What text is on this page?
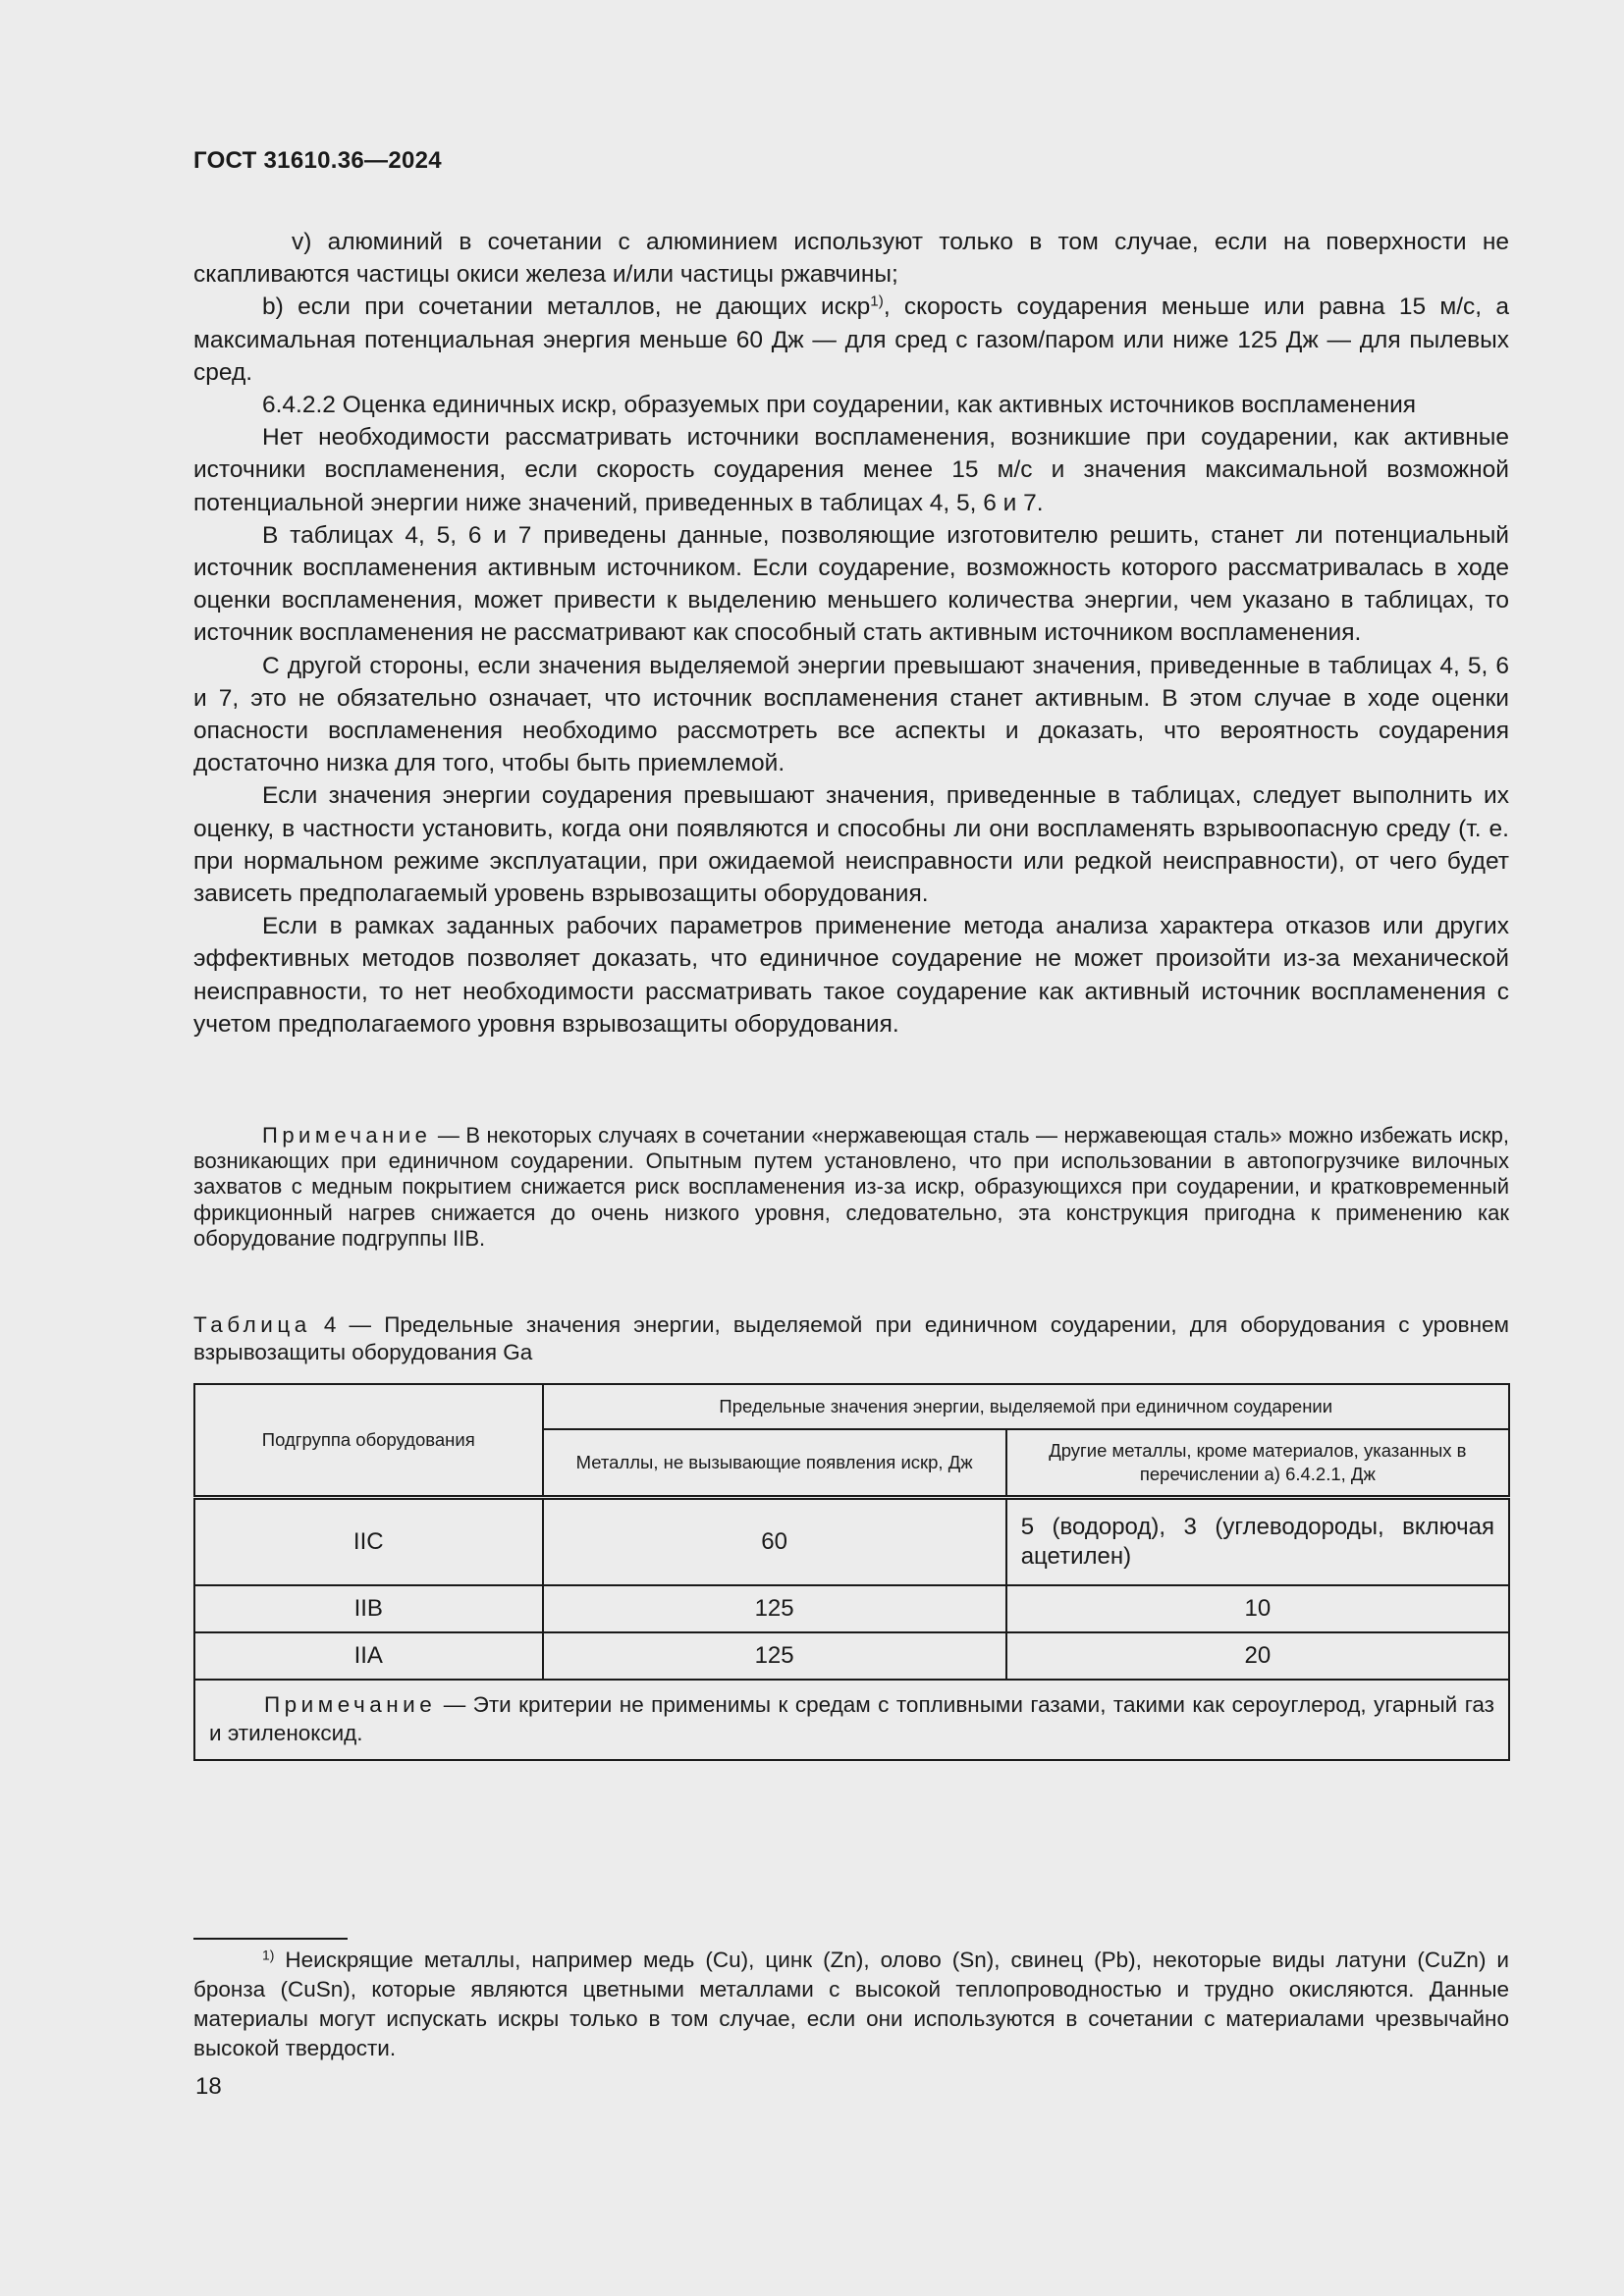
ГОСТ 31610.36—2024

v) алюминий в сочетании с алюминием используют только в том случае, если на поверхности не скапливаются частицы окиси железа и/или частицы ржавчины;

b) если при сочетании металлов, не дающих искр$^{1)}$, скорость соударения меньше или равна 15 м/с, а максимальная потенциальная энергия меньше 60 Дж — для сред с газом/паром или ниже 125 Дж — для пылевых сред.

6.4.2.2 Оценка единичных искр, образуемых при соударении, как активных источников воспламенения

Нет необходимости рассматривать источники воспламенения, возникшие при соударении, как активные источники воспламенения, если скорость соударения менее 15 м/с и значения максимальной возможной потенциальной энергии ниже значений, приведенных в таблицах 4, 5, 6 и 7.

В таблицах 4, 5, 6 и 7 приведены данные, позволяющие изготовителю решить, станет ли потенциальный источник воспламенения активным источником. Если соударение, возможность которого рассматривалась в ходе оценки воспламенения, может привести к выделению меньшего количества энергии, чем указано в таблицах, то источник воспламенения не рассматривают как способный стать активным источником воспламенения.

С другой стороны, если значения выделяемой энергии превышают значения, приведенные в таблицах 4, 5, 6 и 7, это не обязательно означает, что источник воспламенения станет активным. В этом случае в ходе оценки опасности воспламенения необходимо рассмотреть все аспекты и доказать, что вероятность соударения достаточно низка для того, чтобы быть приемлемой.

Если значения энергии соударения превышают значения, приведенные в таблицах, следует выполнить их оценку, в частности установить, когда они появляются и способны ли они воспламенять взрывоопасную среду (т. е. при нормальном режиме эксплуатации, при ожидаемой неисправности или редкой неисправности), от чего будет зависеть предполагаемый уровень взрывозащиты оборудования.

Если в рамках заданных рабочих параметров применение метода анализа характера отказов или других эффективных методов позволяет доказать, что единичное соударение не может произойти из-за механической неисправности, то нет необходимости рассматривать такое соударение как активный источник воспламенения с учетом предполагаемого уровня взрывозащиты оборудования.

Примечание — В некоторых случаях в сочетании «нержавеющая сталь — нержавеющая сталь» можно избежать искр, возникающих при единичном соударении. Опытным путем установлено, что при использовании в автопогрузчике вилочных захватов с медным покрытием снижается риск воспламенения из-за искр, образующихся при соударении, и кратковременный фрикционный нагрев снижается до очень низкого уровня, следовательно, эта конструкция пригодна к применению как оборудование подгруппы IIB.

Таблица 4 — Предельные значения энергии, выделяемой при единичном соударении, для оборудования с уровнем взрывозащиты оборудования Ga
Подгруппа оборудования	Предельные значения энергии, выделяемой при единичном соударении	
	Металлы, не вызывающие появления искр, Дж	Другие металлы, кроме материалов, указанных в перечислении а) 6.4.2.1, Дж
IIC	60	5 (водород), 3 (углеводороды, включая ацетилен)
IIB	125	10
IIA	125	20
Примечание — Эти критерии не применимы к средам с топливными газами, такими как сероуглерод, угарный газ и этиленоксид.		

$^{1)}$ Неискрящие металлы, например медь (Cu), цинк (Zn), олово (Sn), свинец (Pb), некоторые виды латуни (CuZn) и бронза (CuSn), которые являются цветными металлами с высокой теплопроводностью и трудно окисляются. Данные материалы могут испускать искры только в том случае, если они используются в сочетании с материалами чрезвычайно высокой твердости.

18
